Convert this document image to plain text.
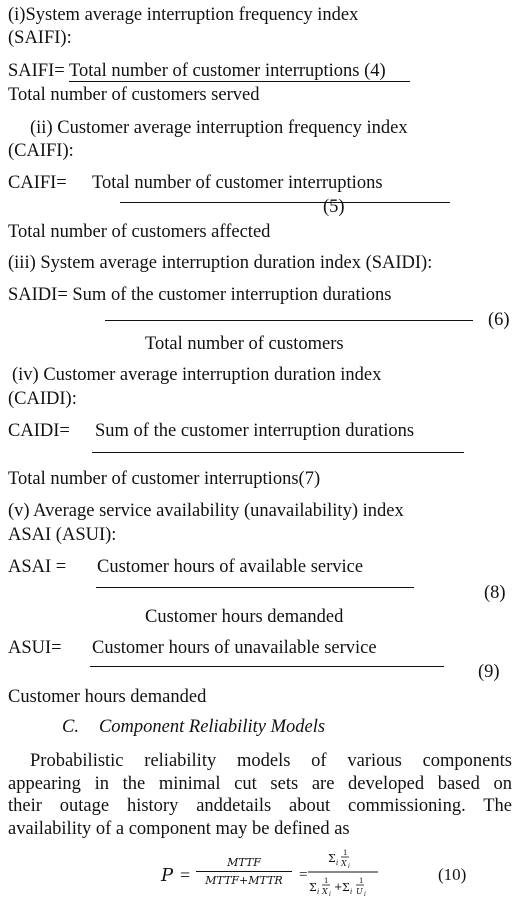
(i)System average interruption frequency index
(SAIFI):
SAIFI= Total number of customer interruptions (4)
Total number of customers served
(ii) Customer average interruption frequency index
(CAIFI):
CAIFI= Total number of customer interruptions
(5)
Total number of customers affected
(iii) System average interruption duration index (SAIDI):
SAIDI= Sum of the customer interruption durations
(6)
Total number of customers
(iv) Customer average interruption duration index
(CAIDI):
CAIDI= Sum of the customer interruption durations
Total number of customer interruptions(7)
(v) Average service availability (unavailability) index
ASAI (ASUI):
ASAI = Customer hours of available service
(8)
Customer hours demanded
ASUI= Customer hours of unavailable service
(9)
Customer hours demanded
C. Component Reliability Models
Probabilistic reliability models of various components
appearing in the minimal cut sets are developed based on
their outage history anddetails about commissioning. The
availability of a component may be defined as
P =
MTTF
MTTF+MTTR	=
Σ i
1
X i
Σ i
1
X i
+ Σ i
1
U i
(10)
